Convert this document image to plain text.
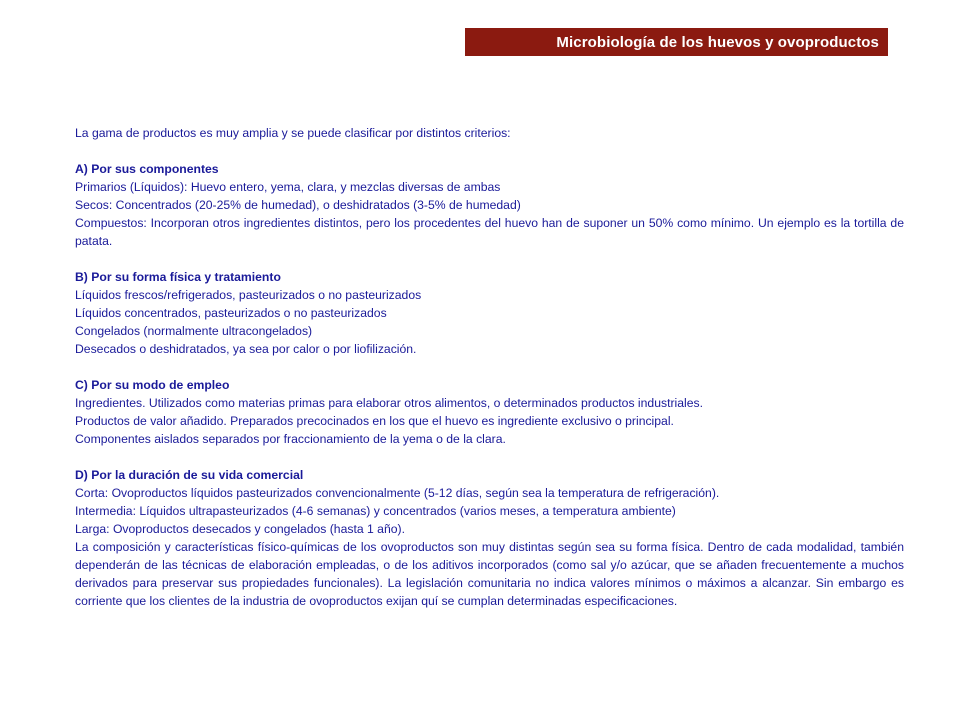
Microbiología de los huevos y ovoproductos

La gama de productos es muy amplia y se puede clasificar por distintos criterios:

A) Por sus componentes

Primarios (Líquidos): Huevo entero, yema, clara, y mezclas diversas de ambas

Secos: Concentrados (20-25% de humedad), o deshidratados (3-5% de humedad)

Compuestos: Incorporan otros ingredientes distintos, pero los procedentes del huevo han de suponer un 50% como mínimo. Un ejemplo es la tortilla de patata.

B) Por su forma física y tratamiento

Líquidos frescos/refrigerados, pasteurizados o no pasteurizados

Líquidos concentrados, pasteurizados o no pasteurizados

Congelados (normalmente ultracongelados)

Desecados o deshidratados, ya sea por calor o por liofilización.

C) Por su modo de empleo

Ingredientes. Utilizados como materias primas para elaborar otros alimentos, o determinados productos industriales.

Productos de valor añadido. Preparados precocinados en los que el huevo es ingrediente exclusivo o principal.

Componentes aislados separados por fraccionamiento de la yema o de la clara.

D) Por la duración de su vida comercial

Corta: Ovoproductos líquidos pasteurizados convencionalmente (5-12 días, según sea la temperatura de refrigeración).

Intermedia: Líquidos ultrapasteurizados (4-6 semanas) y concentrados (varios meses, a temperatura ambiente)

Larga: Ovoproductos desecados y congelados (hasta 1 año).

La composición y características físico-químicas de los ovoproductos son muy distintas según sea su forma física. Dentro de cada modalidad, también dependerán de las técnicas de elaboración empleadas, o de los aditivos incorporados (como sal y/o azúcar, que se añaden frecuentemente a muchos derivados para preservar sus propiedades funcionales). La legislación comunitaria no indica valores mínimos o máximos a alcanzar. Sin embargo es corriente que los clientes de la industria de ovoproductos exijan quí se cumplan determinadas especificaciones.
